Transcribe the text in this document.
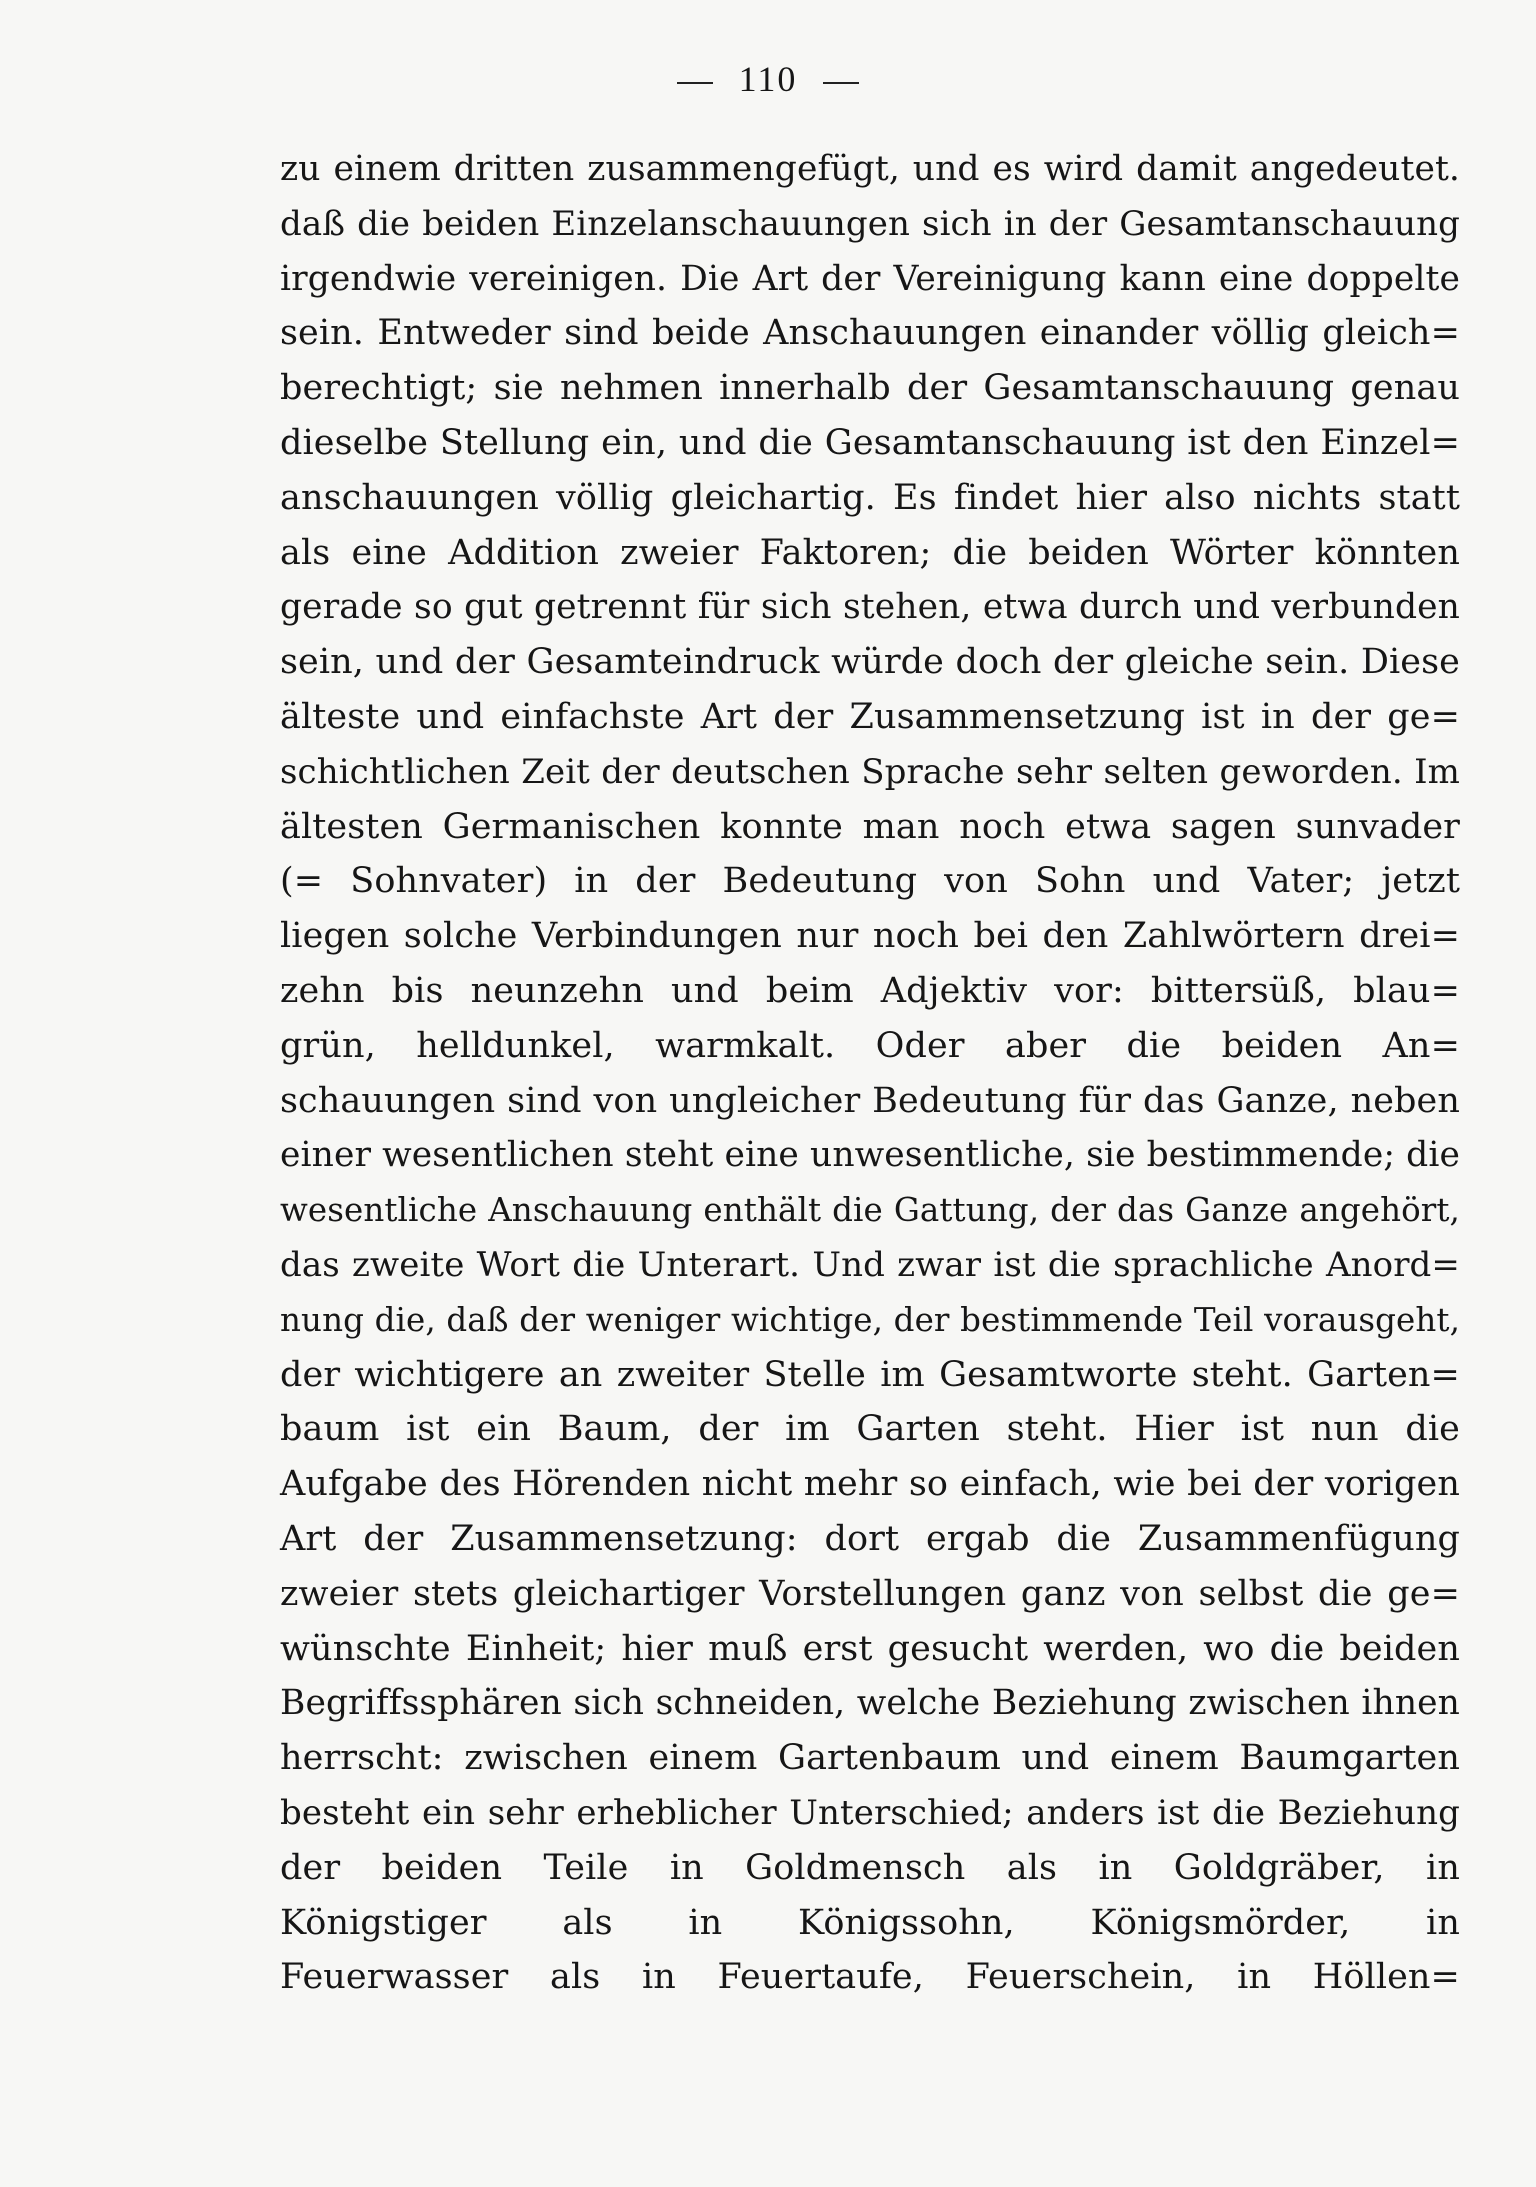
110
zu einem dritten zusammengefügt, und es wird damit angedeutet.
daß die beiden Einzelanschauungen sich in der Gesamtanschauung
irgendwie vereinigen. Die Art der Vereinigung kann eine doppelte
sein. Entweder sind beide Anschauungen einander völlig gleich=
berechtigt; sie nehmen innerhalb der Gesamtanschauung genau
dieselbe Stellung ein, und die Gesamtanschauung ist den Einzel=
anschauungen völlig gleichartig. Es findet hier also nichts statt
als eine Addition zweier Faktoren; die beiden Wörter könnten
gerade so gut getrennt für sich stehen, etwa durch und verbunden
sein, und der Gesamteindruck würde doch der gleiche sein. Diese
älteste und einfachste Art der Zusammensetzung ist in der ge=
schichtlichen Zeit der deutschen Sprache sehr selten geworden. Im
ältesten Germanischen konnte man noch etwa sagen sunvader
(= Sohnvater) in der Bedeutung von Sohn und Vater; jetzt
liegen solche Verbindungen nur noch bei den Zahlwörtern drei=
zehn bis neunzehn und beim Adjektiv vor: bittersüß, blau=
grün, helldunkel, warmkalt. Oder aber die beiden An=
schauungen sind von ungleicher Bedeutung für das Ganze, neben
einer wesentlichen steht eine unwesentliche, sie bestimmende; die
wesentliche Anschauung enthält die Gattung, der das Ganze angehört,
das zweite Wort die Unterart. Und zwar ist die sprachliche Anord=
nung die, daß der weniger wichtige, der bestimmende Teil vorausgeht,
der wichtigere an zweiter Stelle im Gesamtworte steht. Garten=
baum ist ein Baum, der im Garten steht. Hier ist nun die
Aufgabe des Hörenden nicht mehr so einfach, wie bei der vorigen
Art der Zusammensetzung: dort ergab die Zusammenfügung
zweier stets gleichartiger Vorstellungen ganz von selbst die ge=
wünschte Einheit; hier muß erst gesucht werden, wo die beiden
Begriffssphären sich schneiden, welche Beziehung zwischen ihnen
herrscht: zwischen einem Gartenbaum und einem Baumgarten
besteht ein sehr erheblicher Unterschied; anders ist die Beziehung
der beiden Teile in Goldmensch als in Goldgräber, in
Königstiger als in Königssohn, Königsmörder, in
Feuerwasser als in Feuertaufe, Feuerschein, in Höllen=
